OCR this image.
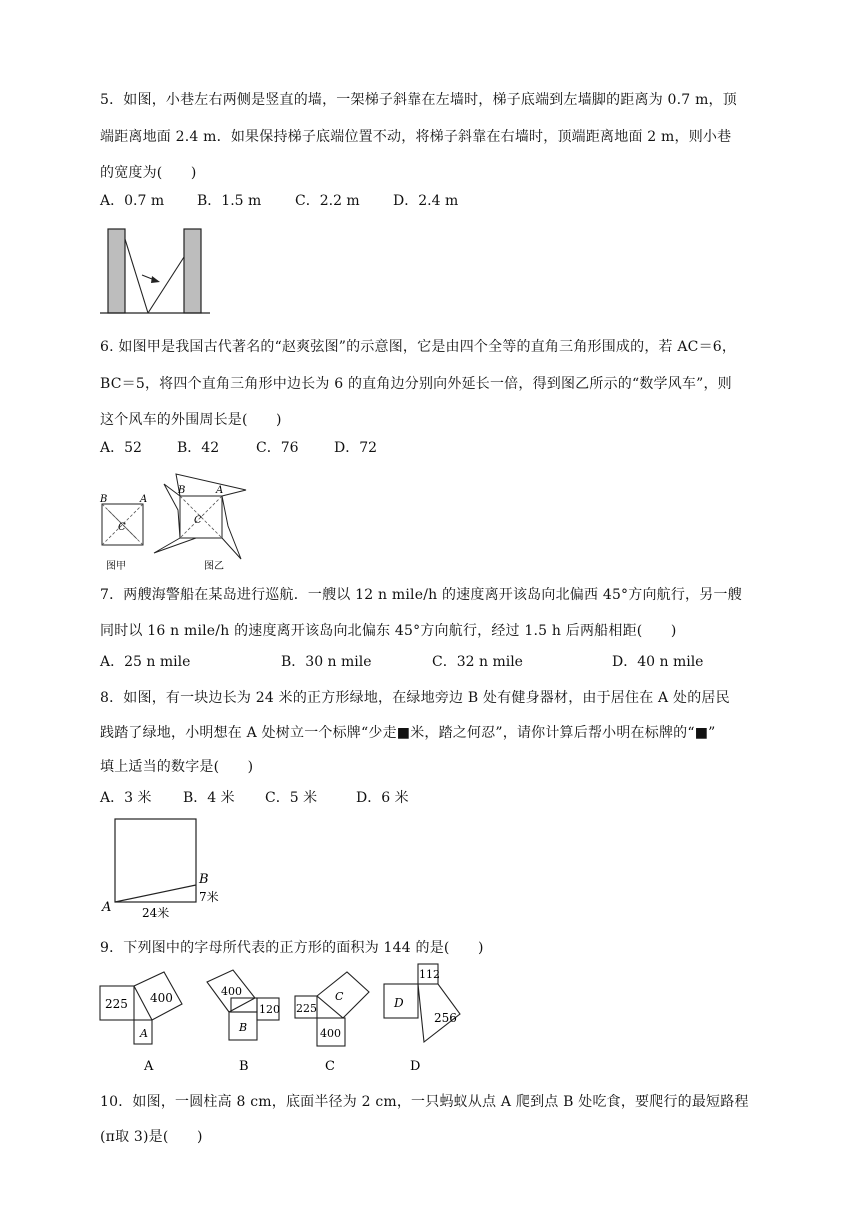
5．如图，小巷左右两侧是竖直的墙，一架梯子斜靠在左墙时，梯子底端到左墙脚的距离为 0.7 m，顶
端距离地面 2.4 m．如果保持梯子底端位置不动，将梯子斜靠在右墙时，顶端距离地面 2 m，则小巷
的宽度为(　　)
A．0.7 m B．1.5 m C．2.2 m D．2.4 m
6. 如图甲是我国古代著名的“赵爽弦图”的示意图，它是由四个全等的直角三角形围成的，若 AC＝6，
BC＝5，将四个直角三角形中边长为 6 的直角边分别向外延长一倍，得到图乙所示的“数学风车”，则
这个风车的外围周长是(　　)
A．52	B．42	C．76	D．72
B	A
C
图甲
B	A
C
图乙
7．两艘海警船在某岛进行巡航．一艘以 12 n mile/h 的速度离开该岛向北偏西 45°方向航行，另一艘
同时以 16 n mile/h 的速度离开该岛向北偏东 45°方向航行，经过 1.5 h 后两船相距(　　)
A．25 n mile	B．30 n mile	C．32 n mile	D．40 n mile
8．如图，有一块边长为 24 米的正方形绿地，在绿地旁边 B 处有健身器材，由于居住在 A 处的居民
践踏了绿地，小明想在 A 处树立一个标牌“少走■米，踏之何忍”，请你计算后帮小明在标牌的“■”
填上适当的数字是(　　)
A．3 米 B．4 米 C．5 米	D．6 米
A
B
7米
24米
9．下列图中的字母所代表的正方形的面积为 144 的是(　　)
225 400
A
A
400
120
B
B
225
C
400
C
112
D
256
D
10．如图，一圆柱高 8 cm，底面半径为 2 cm，一只蚂蚁从点 A 爬到点 B 处吃食，要爬行的最短路程
(π取 3)是(　　)
